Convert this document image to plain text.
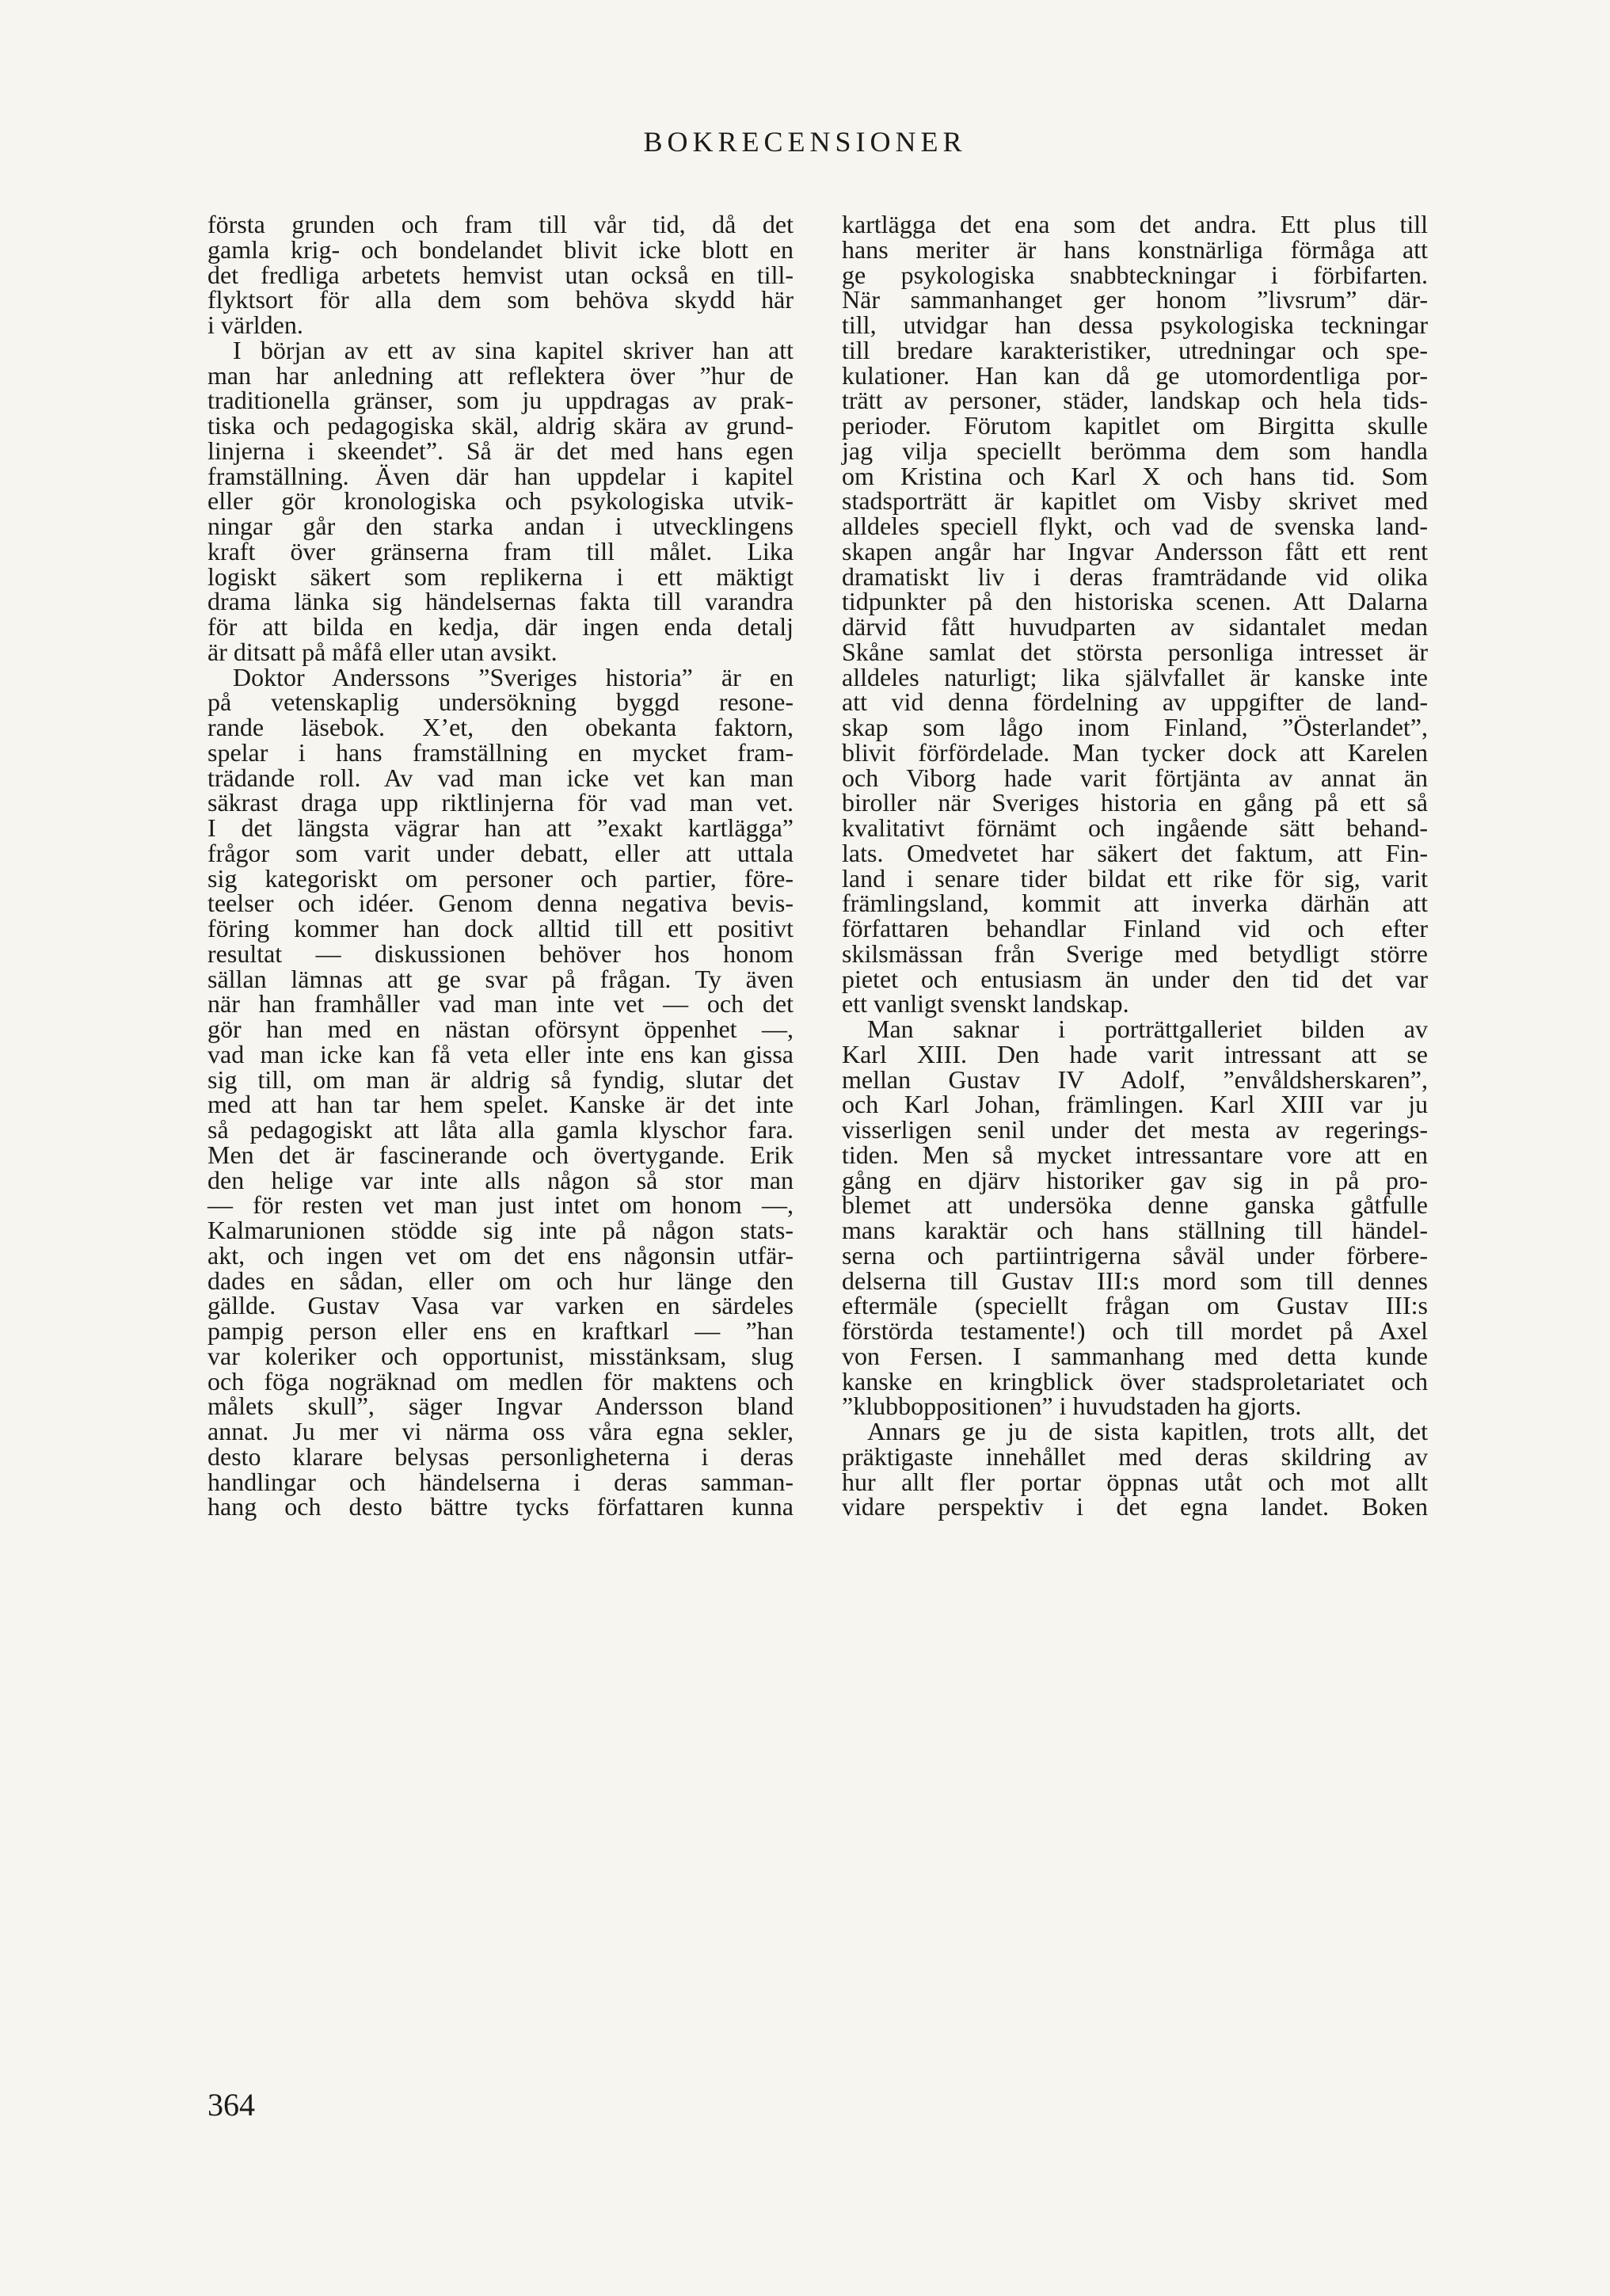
BOKRECENSIONER
första grunden och fram till vår tid, då det
gamla krig- och bondelandet blivit icke blott en
det fredliga arbetets hemvist utan också en till-
flyktsort för alla dem som behöva skydd här
i världen.
I början av ett av sina kapitel skriver han att
man har anledning att reflektera över ”hur de
traditionella gränser, som ju uppdragas av prak-
tiska och pedagogiska skäl, aldrig skära av grund-
linjerna i skeendet”. Så är det med hans egen
framställning. Även där han uppdelar i kapitel
eller gör kronologiska och psykologiska utvik-
ningar går den starka andan i utvecklingens
kraft över gränserna fram till målet. Lika
logiskt säkert som replikerna i ett mäktigt
drama länka sig händelsernas fakta till varandra
för att bilda en kedja, där ingen enda detalj
är ditsatt på måfå eller utan avsikt.
Doktor Anderssons ”Sveriges historia” är en
på vetenskaplig undersökning byggd resone-
rande läsebok. X’et, den obekanta faktorn,
spelar i hans framställning en mycket fram-
trädande roll. Av vad man icke vet kan man
säkrast draga upp riktlinjerna för vad man vet.
I det längsta vägrar han att ”exakt kartlägga”
frågor som varit under debatt, eller att uttala
sig kategoriskt om personer och partier, före-
teelser och idéer. Genom denna negativa bevis-
föring kommer han dock alltid till ett positivt
resultat — diskussionen behöver hos honom
sällan lämnas att ge svar på frågan. Ty även
när han framhåller vad man inte vet — och det
gör han med en nästan oförsynt öppenhet —,
vad man icke kan få veta eller inte ens kan gissa
sig till, om man är aldrig så fyndig, slutar det
med att han tar hem spelet. Kanske är det inte
så pedagogiskt att låta alla gamla klyschor fara.
Men det är fascinerande och övertygande. Erik
den helige var inte alls någon så stor man
— för resten vet man just intet om honom —,
Kalmarunionen stödde sig inte på någon stats-
akt, och ingen vet om det ens någonsin utfär-
dades en sådan, eller om och hur länge den
gällde. Gustav Vasa var varken en särdeles
pampig person eller ens en kraftkarl — ”han
var koleriker och opportunist, misstänksam, slug
och föga nogräknad om medlen för maktens och
målets skull”, säger Ingvar Andersson bland
annat. Ju mer vi närma oss våra egna sekler,
desto klarare belysas personligheterna i deras
handlingar och händelserna i deras samman-
hang och desto bättre tycks författaren kunna
kartlägga det ena som det andra. Ett plus till
hans meriter är hans konstnärliga förmåga att
ge psykologiska snabbteckningar i förbifarten.
När sammanhanget ger honom ”livsrum” där-
till, utvidgar han dessa psykologiska teckningar
till bredare karakteristiker, utredningar och spe-
kulationer. Han kan då ge utomordentliga por-
trätt av personer, städer, landskap och hela tids-
perioder. Förutom kapitlet om Birgitta skulle
jag vilja speciellt berömma dem som handla
om Kristina och Karl X och hans tid. Som
stadsporträtt är kapitlet om Visby skrivet med
alldeles speciell flykt, och vad de svenska land-
skapen angår har Ingvar Andersson fått ett rent
dramatiskt liv i deras framträdande vid olika
tidpunkter på den historiska scenen. Att Dalarna
därvid fått huvudparten av sidantalet medan
Skåne samlat det största personliga intresset är
alldeles naturligt; lika självfallet är kanske inte
att vid denna fördelning av uppgifter de land-
skap som lågo inom Finland, ”Österlandet”,
blivit förfördelade. Man tycker dock att Karelen
och Viborg hade varit förtjänta av annat än
biroller när Sveriges historia en gång på ett så
kvalitativt förnämt och ingående sätt behand-
lats. Omedvetet har säkert det faktum, att Fin-
land i senare tider bildat ett rike för sig, varit
främlingsland, kommit att inverka därhän att
författaren behandlar Finland vid och efter
skilsmässan från Sverige med betydligt större
pietet och entusiasm än under den tid det var
ett vanligt svenskt landskap.
Man saknar i porträttgalleriet bilden av
Karl XIII. Den hade varit intressant att se
mellan Gustav IV Adolf, ”envåldsherskaren”,
och Karl Johan, främlingen. Karl XIII var ju
visserligen senil under det mesta av regerings-
tiden. Men så mycket intressantare vore att en
gång en djärv historiker gav sig in på pro-
blemet att undersöka denne ganska gåtfulle
mans karaktär och hans ställning till händel-
serna och partiintrigerna såväl under förbere-
delserna till Gustav III:s mord som till dennes
eftermäle (speciellt frågan om Gustav III:s
förstörda testamente!) och till mordet på Axel
von Fersen. I sammanhang med detta kunde
kanske en kringblick över stadsproletariatet och
”klubboppositionen” i huvudstaden ha gjorts.
Annars ge ju de sista kapitlen, trots allt, det
präktigaste innehållet med deras skildring av
hur allt fler portar öppnas utåt och mot allt
vidare perspektiv i det egna landet. Boken
364
